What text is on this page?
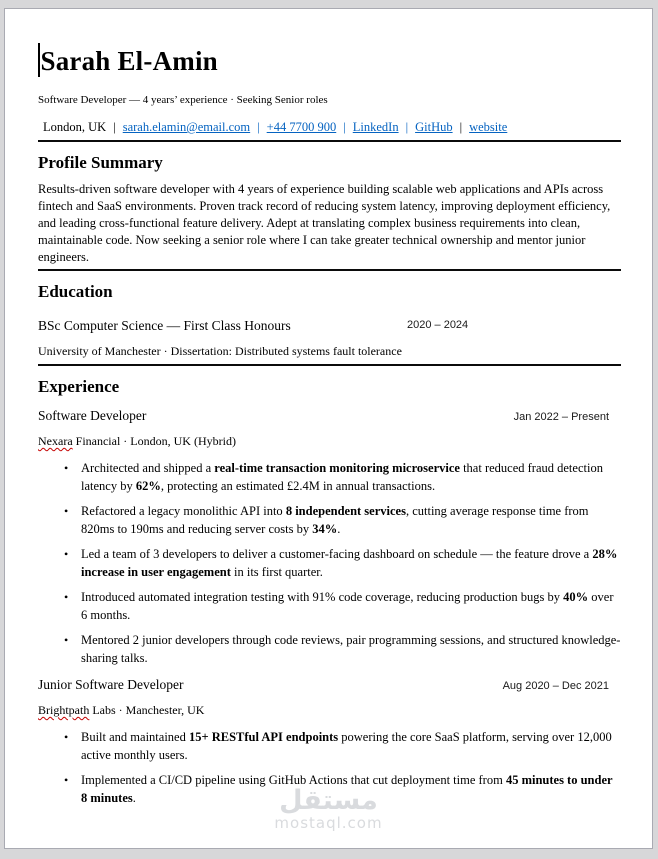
Sarah El-Amin
Software Developer — 4 years’ experience · Seeking Senior roles
London, UK | sarah.elamin@email.com | +44 7700 900 | LinkedIn | GitHub | website
Profile Summary
Results-driven software developer with 4 years of experience building scalable web applications and APIs across fintech and SaaS environments. Proven track record of reducing system latency, improving deployment efficiency, and leading cross-functional feature delivery. Adept at translating complex business requirements into clean, maintainable code. Now seeking a senior role where I can take greater technical ownership and mentor junior engineers.
Education
BSc Computer Science — First Class Honours	2020 – 2024
University of Manchester · Dissertation: Distributed systems fault tolerance
Experience
Software Developer	Jan 2022 – Present
Nexara Financial · London, UK (Hybrid)
•	Architected and shipped a real-time transaction monitoring microservice that reduced fraud detection latency by 62%, protecting an estimated £2.4M in annual transactions.
•	Refactored a legacy monolithic API into 8 independent services, cutting average response time from 820ms to 190ms and reducing server costs by 34%.
•	Led a team of 3 developers to deliver a customer-facing dashboard on schedule — the feature drove a 28% increase in user engagement in its first quarter.
•	Introduced automated integration testing with 91% code coverage, reducing production bugs by 40% over 6 months.
•	Mentored 2 junior developers through code reviews, pair programming sessions, and structured knowledge-sharing talks.
Junior Software Developer	Aug 2020 – Dec 2021
Brightpath Labs · Manchester, UK
•	Built and maintained 15+ RESTful API endpoints powering the core SaaS platform, serving over 12,000 active monthly users.
•	Implemented a CI/CD pipeline using GitHub Actions that cut deployment time from 45 minutes to under 8 minutes.	مستقل
mostaql.com
